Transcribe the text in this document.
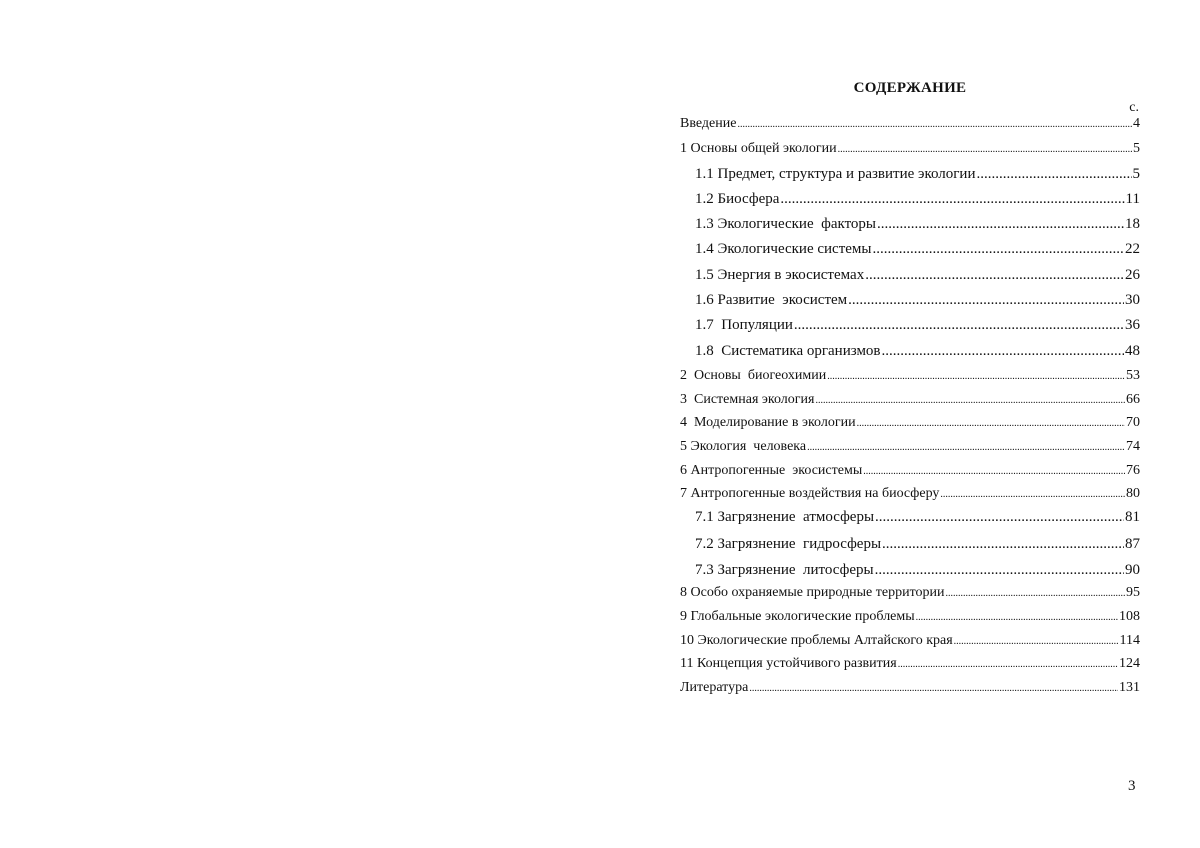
СОДЕРЖАНИЕ
с.
Введение
.....	4
1 Основы общей экологии
.....	5
1.1 Предмет, структура и развитие экологии
.....	5
1.2 Биосфера
.....	11
1.3 Экологические  факторы
.....	18
1.4 Экологические системы
.....	22
1.5 Энергия в экосистемах
.....	26
1.6 Развитие  экосистем
.....	30
1.7  Популяции
.....	36
1.8  Систематика организмов
.....	48
2  Основы  биогеохимии
.....	53
3  Системная экология
.....	66
4  Моделирование в экологии
.....	70
5 Экология  человека
.....	74
6 Антропогенные  экосистемы
.....	76
7 Антропогенные воздействия на биосферу
.....	80
7.1 Загрязнение  атмосферы
.....	81
7.2 Загрязнение  гидросферы
.....	87
7.3 Загрязнение  литосферы
.....	90
8 Особо охраняемые природные территории
.....	95
9 Глобальные экологические проблемы
.....	108
10 Экологические проблемы Алтайского края
.....	114
11 Концепция устойчивого развития
.....	124
Литература
.....	131
3
